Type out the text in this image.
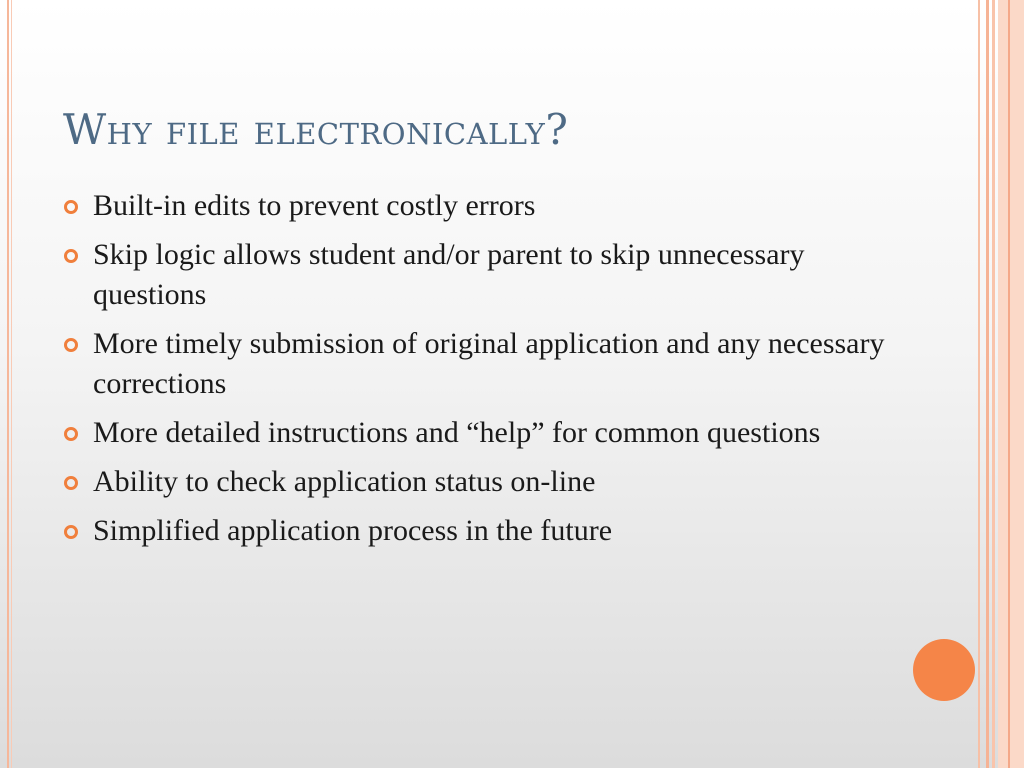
Why file electronically?
Built-in edits to prevent costly errors
Skip logic allows student and/or parent to skip unnecessary questions
More timely submission of original application and any necessary corrections
More detailed instructions and “help” for common questions
Ability to check application status on-line
Simplified application process in the future
